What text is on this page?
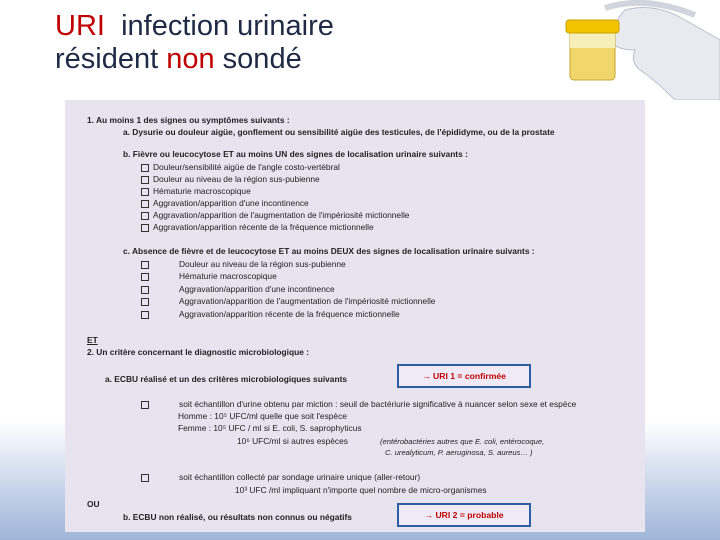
URI  infection urinaire
résident non sondé
1. Au moins 1 des signes ou symptômes suivants :
a. Dysurie ou douleur aigüe, gonflement ou sensibilité aigüe des testicules, de l'épididyme, ou de la prostate
b. Fièvre ou leucocytose ET au moins UN des signes de localisation urinaire suivants :
Douleur/sensibilité aigüe de l'angle costo-vertébral
Douleur au niveau de la région sus-pubienne
Hématurie macroscopique
Aggravation/apparition d'une incontinence
Aggravation/apparition de l'augmentation de l'impériosité mictionnelle
Aggravation/apparition récente de la fréquence mictionnelle
c. Absence de fièvre et de leucocytose ET au moins DEUX des signes de localisation urinaire suivants :
Douleur au niveau de la région sus-pubienne
Hématurie macroscopique
Aggravation/apparition d'une incontinence
Aggravation/apparition de l'augmentation de l'impériosité mictionnelle
Aggravation/apparition récente de la fréquence mictionnelle
ET
2. Un critère concernant le diagnostic microbiologique :
a. ECBU réalisé et un des critères microbiologiques suivants	→ URI 1 = confirmée
soit échantillon d'urine obtenu par miction : seuil de bactériurie significative à nuancer selon sexe et espèce
Homme : 10⁵ UFC/ml quelle que soit l'espèce
Femme : 10⁵ UFC / ml si E. coli, S. saprophyticus
10⁶ UFC/ml si autres espèces	(entérobactéries autres que E. coli, entérocoque,
C. urealyticum, P. aeruginosa, S. aureus… )
soit échantillon collecté par sondage urinaire unique (aller-retour)
10³ UFC /ml impliquant n'importe quel nombre de micro-organismes
OU
b. ECBU non réalisé, ou résultats non connus ou négatifs	→ URI 2 = probable
